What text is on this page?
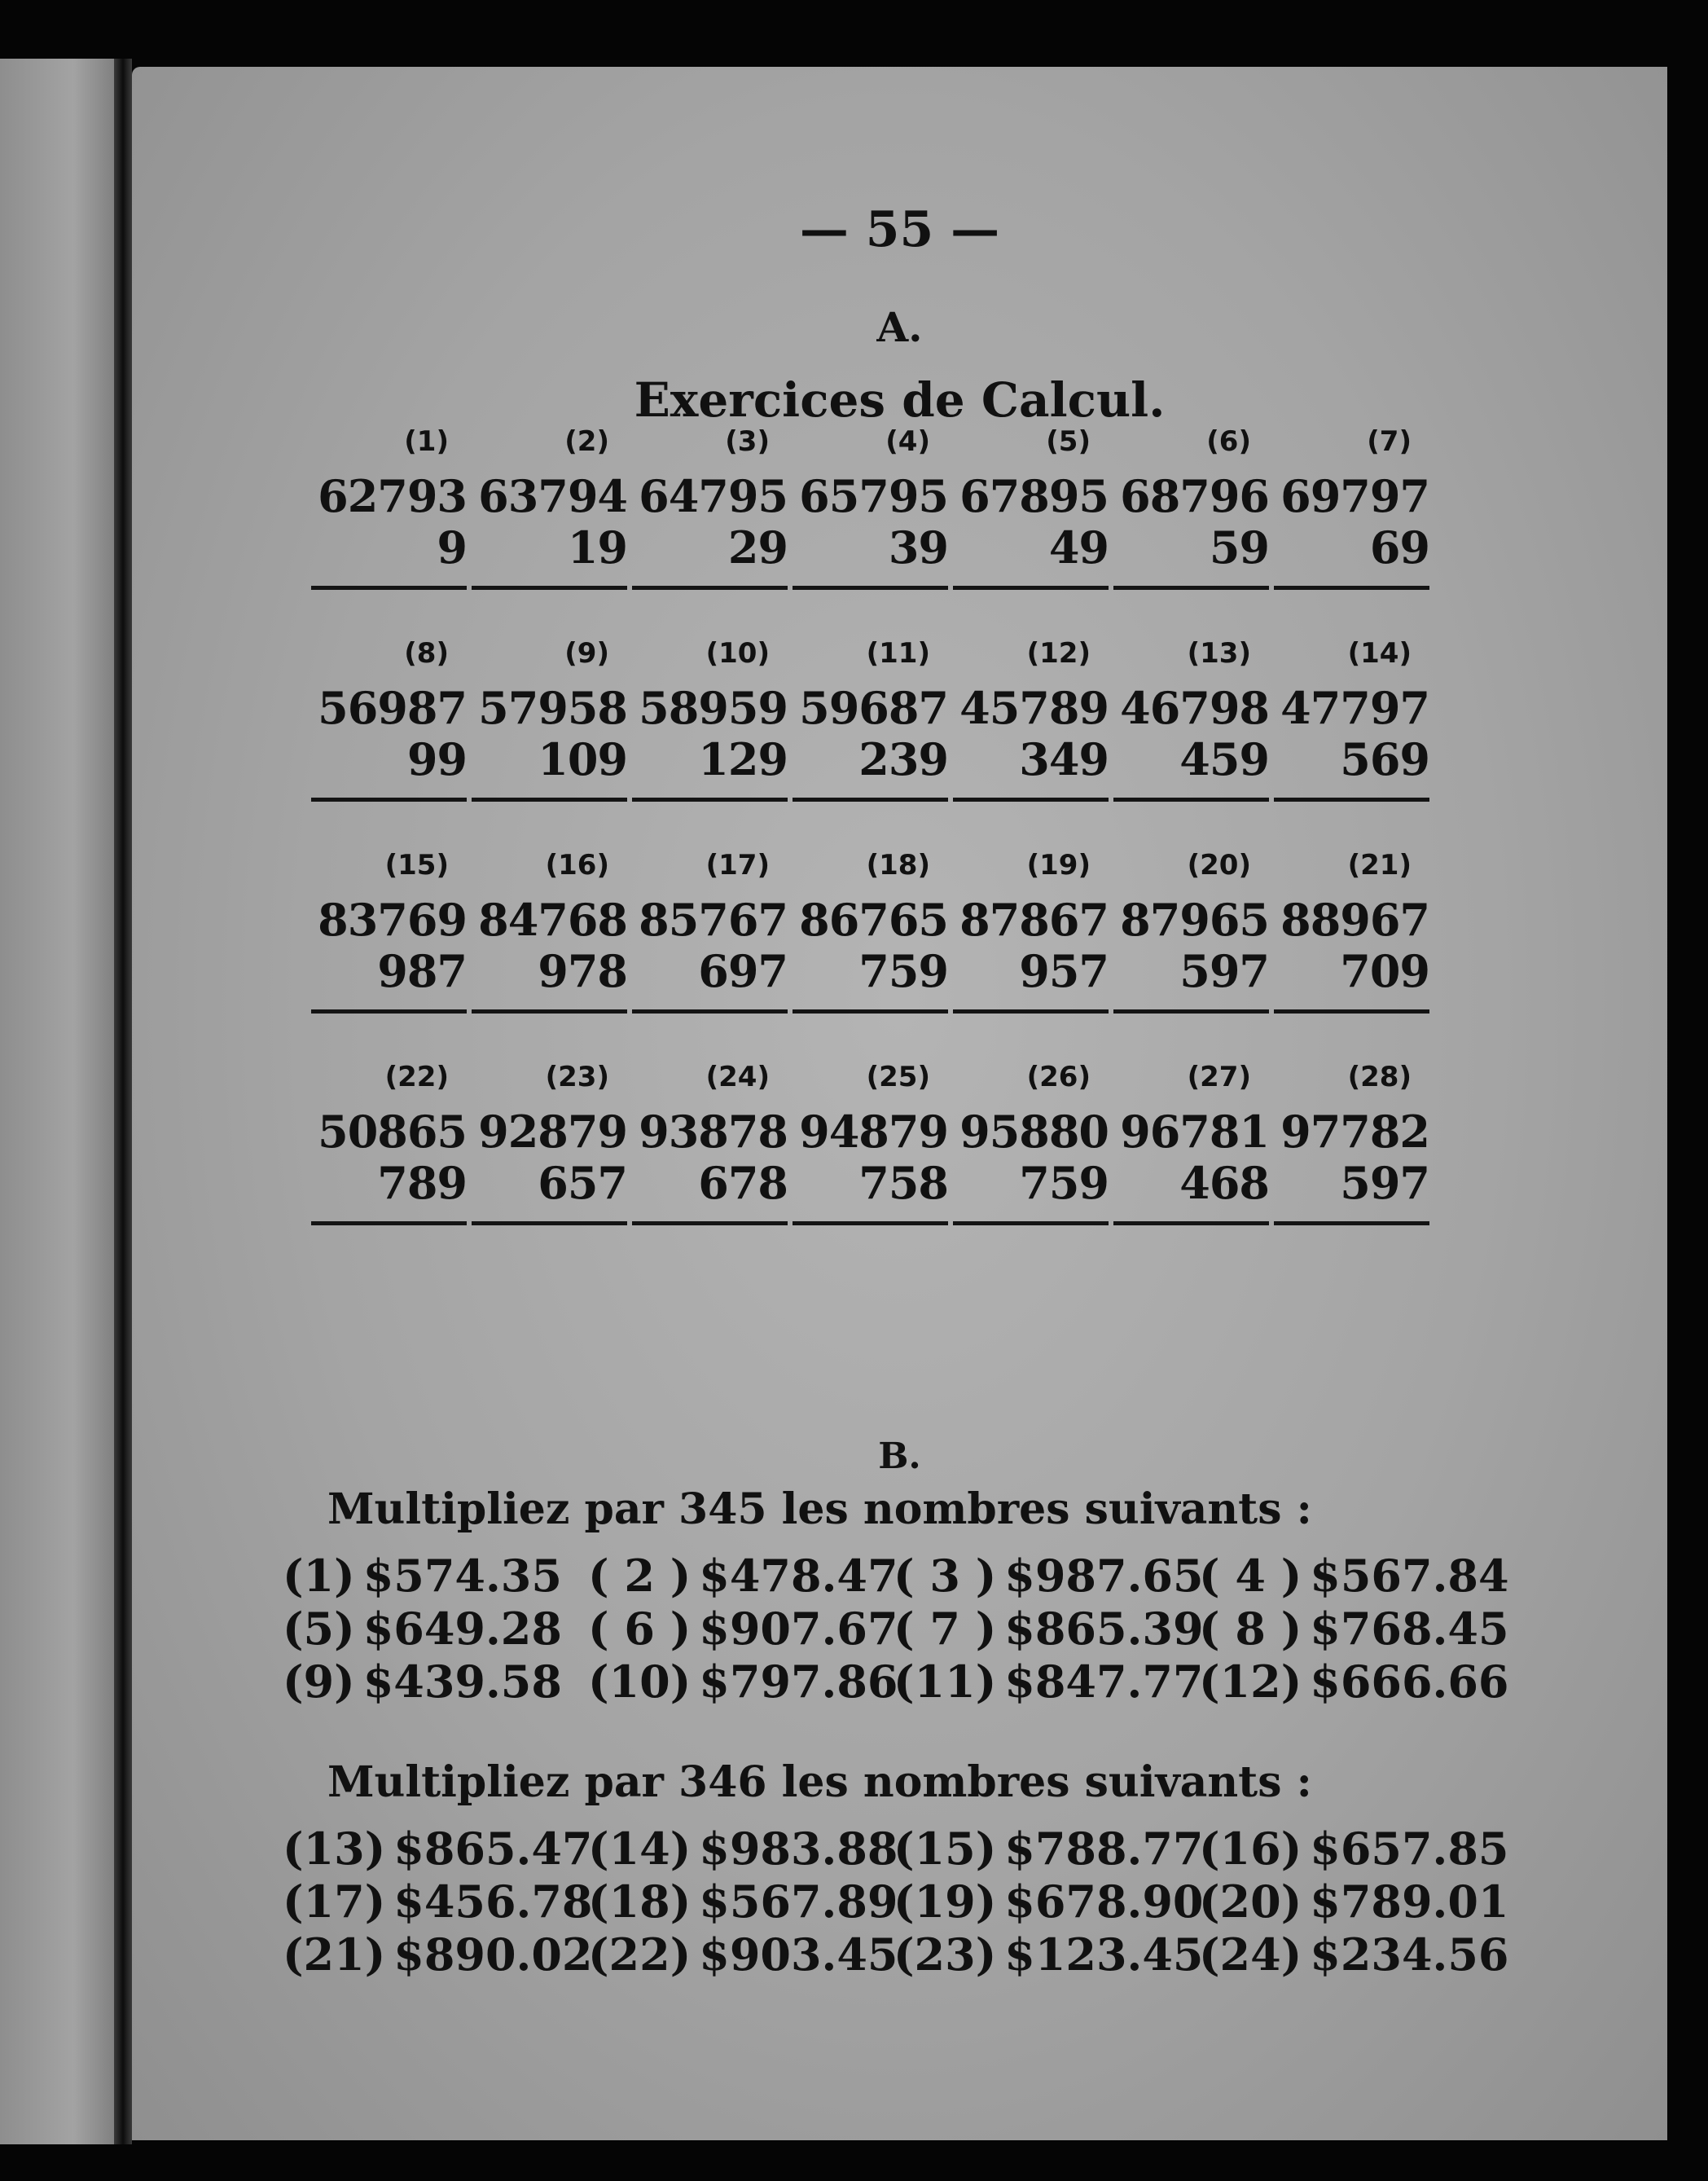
— 55 —
A.
Exercices de Calcul.
(1)
62793
9
(2)
63794
19
(3)
64795
29
(4)
65795
39
(5)
67895
49
(6)
68796
59
(7)
69797
69
(8)
56987
99
(9)
57958
109
(10)
58959
129
(11)
59687
239
(12)
45789
349
(13)
46798
459
(14)
47797
569
(15)
83769
987
(16)
84768
978
(17)
85767
697
(18)
86765
759
(19)
87867
957
(20)
87965
597
(21)
88967
709
(22)
50865
789
(23)
92879
657
(24)
93878
678
(25)
94879
758
(26)
95880
759
(27)
96781
468
(28)
97782
597
B.
Multipliez par 345 les nombres suivants :
(1) $574.35 ( 2 ) $478.47
( 3 ) $987.65
( 4 ) $567.84
(5) $649.28 ( 6 ) $907.67
( 7 ) $865.39
( 8 ) $768.45
(9) $439.58 (10) $797.86
(11) $847.77
(12) $666.66
Multipliez par 346 les nombres suivants :
(13) $865.47
(14) $983.88
(15) $788.77
(16) $657.85
(17) $456.78
(18) $567.89
(19) $678.90
(20) $789.01
(21) $890.02
(22) $903.45
(23) $123.45
(24) $234.56
